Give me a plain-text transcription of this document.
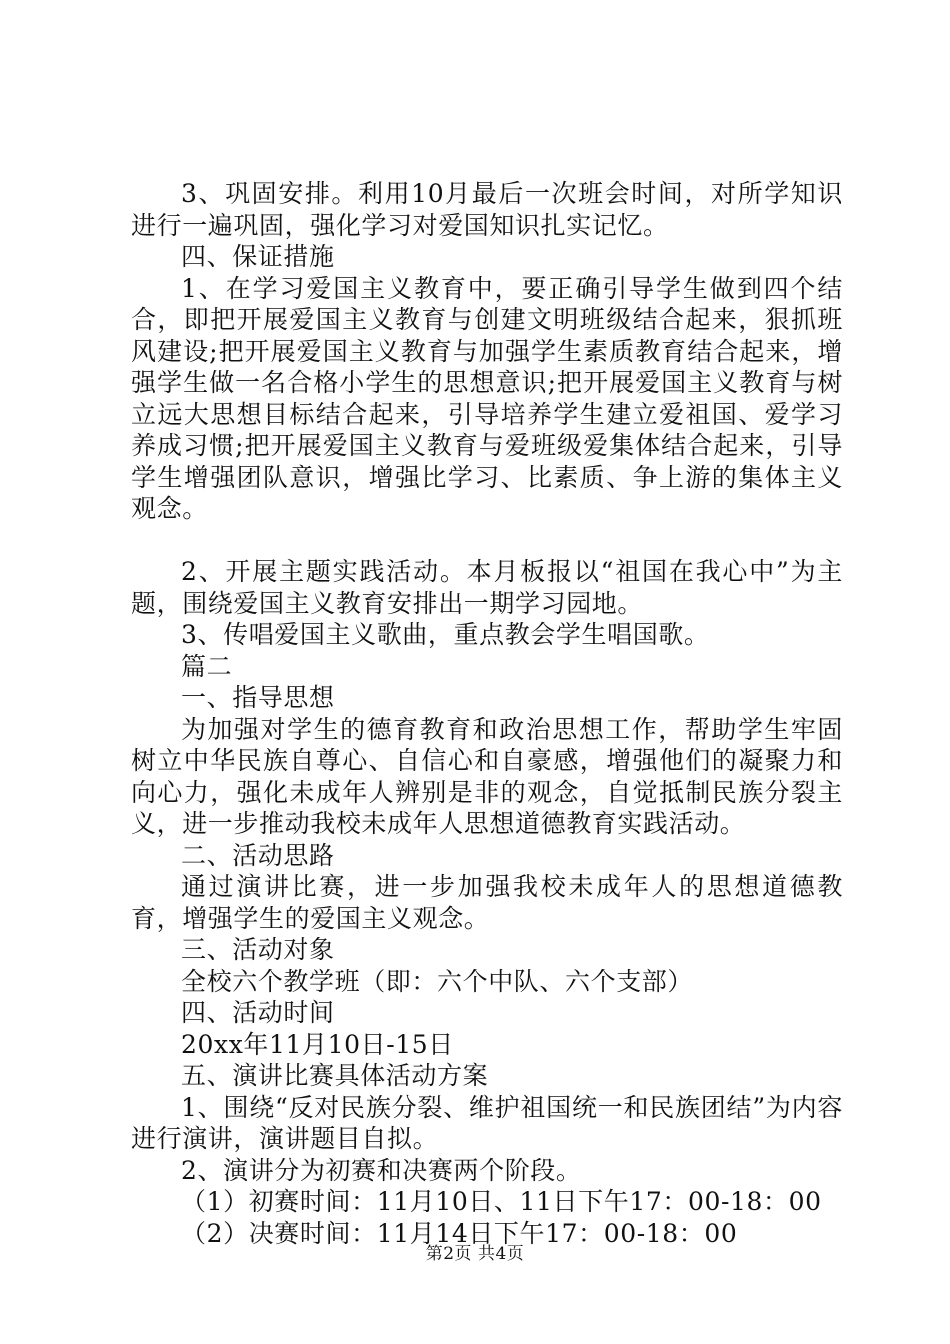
3、巩固安排。利用10月最后一次班会时间，对所学知识进行一遍巩固，强化学习对爱国知识扎实记忆。

四、保证措施

1、在学习爱国主义教育中，要正确引导学生做到四个结合，即把开展爱国主义教育与创建文明班级结合起来，狠抓班风建设;把开展爱国主义教育与加强学生素质教育结合起来，增强学生做一名合格小学生的思想意识;把开展爱国主义教育与树立远大思想目标结合起来，引导培养学生建立爱祖国、爱学习养成习惯;把开展爱国主义教育与爱班级爱集体结合起来，引导学生增强团队意识，增强比学习、比素质、争上游的集体主义观念。

2、开展主题实践活动。本月板报以“祖国在我心中”为主题，围绕爱国主义教育安排出一期学习园地。

3、传唱爱国主义歌曲，重点教会学生唱国歌。

篇二

一、指导思想

为加强对学生的德育教育和政治思想工作，帮助学生牢固树立中华民族自尊心、自信心和自豪感，增强他们的凝聚力和向心力，强化未成年人辨别是非的观念，自觉抵制民族分裂主义，进一步推动我校未成年人思想道德教育实践活动。

二、活动思路

通过演讲比赛，进一步加强我校未成年人的思想道德教育，增强学生的爱国主义观念。

三、活动对象

全校六个教学班（即：六个中队、六个支部）

四、活动时间

20xx年11月10日-15日

五、演讲比赛具体活动方案

1、围绕“反对民族分裂、维护祖国统一和民族团结”为内容进行演讲，演讲题目自拟。

2、演讲分为初赛和决赛两个阶段。

（1）初赛时间：11月10日、11日下午17：00-18：00

（2）决赛时间：11月14日下午17：00-18：00

第2页 共4页
